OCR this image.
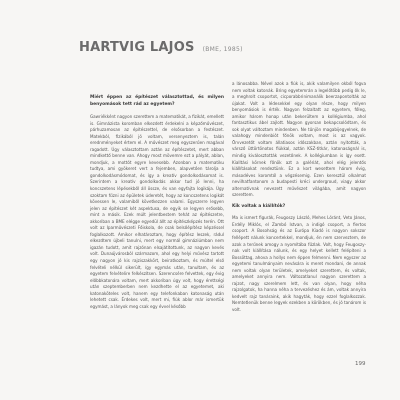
HARTVIG LAJOS (BME, 1985)
Miért éppen az építészet választottad, és milyen benyomások tett rád az egyetem?

Gawriékként nagyon szerettem a matematikát, a fizikát, emellett is. Gimnázista koromban elkezdett érdekelni a képzőművészet, párhuzamosan az építészettel, de elsősorban a festészet. Matekból, fizikából jó voltam, versenyeztem is, talán erednményeket értem el. A művészet meg egyszerűen magával ragadott. Úgy választottam aztán az építészetet, mert abban mindkettő benne van. Ahogy most mövemre ezt a pályát, ablan, mondjuk, a mottót egyre kevesebb. Azonban a matematiku tudtya, ami gyökeret vert a fejemben, alapvetően tárolja a gondolkodásmódomat, és így a kreatív gondolkodásomat is. Szerintem a kreatív gondolkodás akkor tud jó lenni, ha koncszetens lépésekből áll össze, és van egyfajta logikája. Úgy szoktam fűzni az épületek úderetét, hogy az koncszetens logikát kövessen le, valamiből következzen valami. Egyszerre legyen jelen az építészet két aspektusa, de egyik se legyen erősebb, mint a másik. Ezek múlt jelentbestem tehát az építészetre, akkoriban a BME elégge egyedül állt az építészképzés terén. Ott volt az Iparművészeti Főiskola, de csak belsőépítész képzéssel foglalkozott. Amikor elhatároztam, hogy építész leszek, rádul elkezdtem újbeli tanulni, mert egy normál gimnáziúmban nem igazán tudott, amit rajzónan elsajátítottunk, az nagyon kevés volt. Dunaújvárosból származom, ahol egy helyi művész tartott egy nagyon jó kis rajziszakkört, beiratkoztam, és múltel első felvételi nélkül sikerült, így egymás után, tanultam, és az egyetem felvételire felkészítsen. Szerencsére felvettek, egy évig előbbkatonára voltam, mert akkoriban úgy volt, hogy érettségi után szeptemberben nem kezdhette el az egyetemet, aki katonaköteles volt, hanem egy telefonkaban katonaság után lehetett csak. Érdekes volt, mert mi, fiúk ablor már ismertük egymást, a lányok meg csak egy évvel később

a lánosabba. Nével azok a fiúk is, akik valamilyen okból fogva nem voltak katonák. Bring egyetemrán a legelőtöbb pedig ők le, a meghrolt csoportot, cicporabbrinimanálik beerzapontolták az újakat. Volt a lédesekkel egy olyan része, hogy milyen benyomásiok is érték. Nagyon felzaltatt az egyetem, főleg, amikor három honap után bekerültem a kollégiumba, ahol fantasztikus ábel zajlott. Nagyon gyorsan bekapcsolódtam, és sok olyat változtam mindenben. Ne tűnjön magabijegyelnek, de valahogy mindenbiót főnök voltam, most is az vagyok. Örvvezetőt voltam állatiasos időszakban, aztán nyitották, a vársző üttörtönotos fiúkkal, aztán KSZ-titkár, katonaságnál is, mindig kiválosztották vezetőnek. A kollégiumban is így esett. Kialltási körnek főnök azt a galériát, ahol elég jelentős kiállításokat rendeztünk. Ez a kort wesettem három évig, másodéves koromtól a végzésemig. Ezen keresztül olkalmat nevilhatfantonom a budapesti kréci undergroud, viagy akkor alternatívnak nevezett művészet világába, amit nagyon szerettem.

Kik voltak a kiállítók?

Ma is ismert figurák, Feugoszy László, Mehes Lóránt, Veto János, Erdély Miklós, el Zambó Istvan, a indigó csoport, a fiertos csoport. A Bosohság és az Európa Kiadó is nagyon sokszor fellépett nálunk koncertekkel, mondjuk, én nem szerveztem, de azok a terűnek amogy a nyomítába fűzlak. Volt, hogy Feugoszy-nak volt kiállítása nálunk, és egy helyet kellett felépíteni a Bossöttag, ahova a hollys nem éppen felmenni. Nem egyszer az egyetemi tanulmányaim nevására is meret mondani, de annak nem voltak olyan területek, amelyeket szerettem, és voltak, amelyeket annyira nem. Változatlanul nagyon szerettem a rajzot, nagy szerelmem lett, és van olyan, hogy néha rajzolgatok, ha hanna néha a tervezéshez és ám, voltak annyira kedvelt rajz tanáraink, akik hagyták, hogy ezzel foglalkozzak. Nemtetlenük benne legyek ezekben a körökben, és jó tanárom is volt.

199
